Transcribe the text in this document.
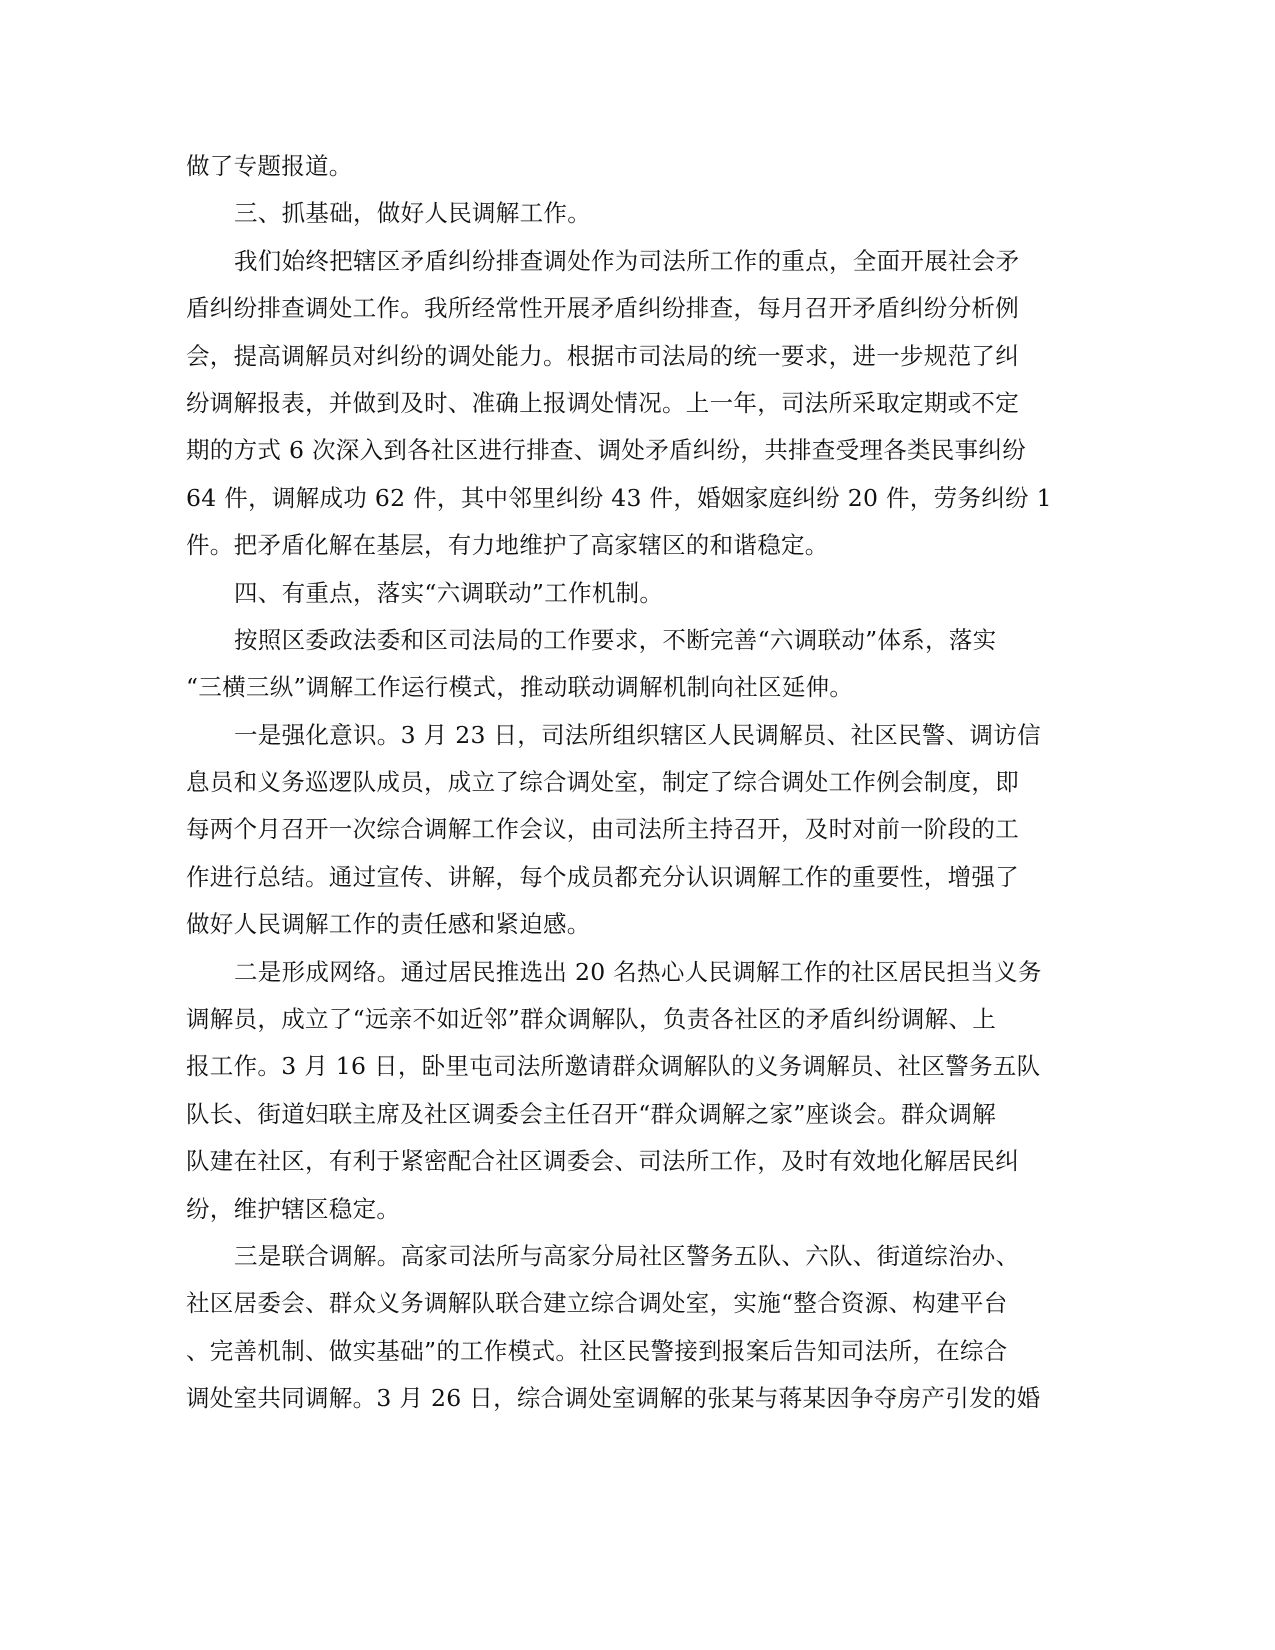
做了专题报道。
三、抓基础，做好人民调解工作。
我们始终把辖区矛盾纠纷排查调处作为司法所工作的重点，全面开展社会矛
盾纠纷排查调处工作。我所经常性开展矛盾纠纷排查，每月召开矛盾纠纷分析例
会，提高调解员对纠纷的调处能力。根据市司法局的统一要求，进一步规范了纠
纷调解报表，并做到及时、准确上报调处情况。上一年，司法所采取定期或不定
期的方式 6 次深入到各社区进行排查、调处矛盾纠纷，共排查受理各类民事纠纷
64 件，调解成功 62 件，其中邻里纠纷 43 件，婚姻家庭纠纷 20 件，劳务纠纷 1
件。把矛盾化解在基层，有力地维护了高家辖区的和谐稳定。
四、有重点，落实“六调联动”工作机制。
按照区委政法委和区司法局的工作要求，不断完善“六调联动”体系，落实
“三横三纵”调解工作运行模式，推动联动调解机制向社区延伸。
一是强化意识。3 月 23 日，司法所组织辖区人民调解员、社区民警、调访信
息员和义务巡逻队成员，成立了综合调处室，制定了综合调处工作例会制度，即
每两个月召开一次综合调解工作会议，由司法所主持召开，及时对前一阶段的工
作进行总结。通过宣传、讲解，每个成员都充分认识调解工作的重要性，增强了
做好人民调解工作的责任感和紧迫感。
二是形成网络。通过居民推选出 20 名热心人民调解工作的社区居民担当义务
调解员，成立了“远亲不如近邻”群众调解队，负责各社区的矛盾纠纷调解、上
报工作。3 月 16 日，卧里屯司法所邀请群众调解队的义务调解员、社区警务五队
队长、街道妇联主席及社区调委会主任召开“群众调解之家”座谈会。群众调解
队建在社区，有利于紧密配合社区调委会、司法所工作，及时有效地化解居民纠
纷，维护辖区稳定。
三是联合调解。高家司法所与高家分局社区警务五队、六队、街道综治办、
社区居委会、群众义务调解队联合建立综合调处室，实施“整合资源、构建平台
、完善机制、做实基础”的工作模式。社区民警接到报案后告知司法所，在综合
调处室共同调解。3 月 26 日，综合调处室调解的张某与蒋某因争夺房产引发的婚
